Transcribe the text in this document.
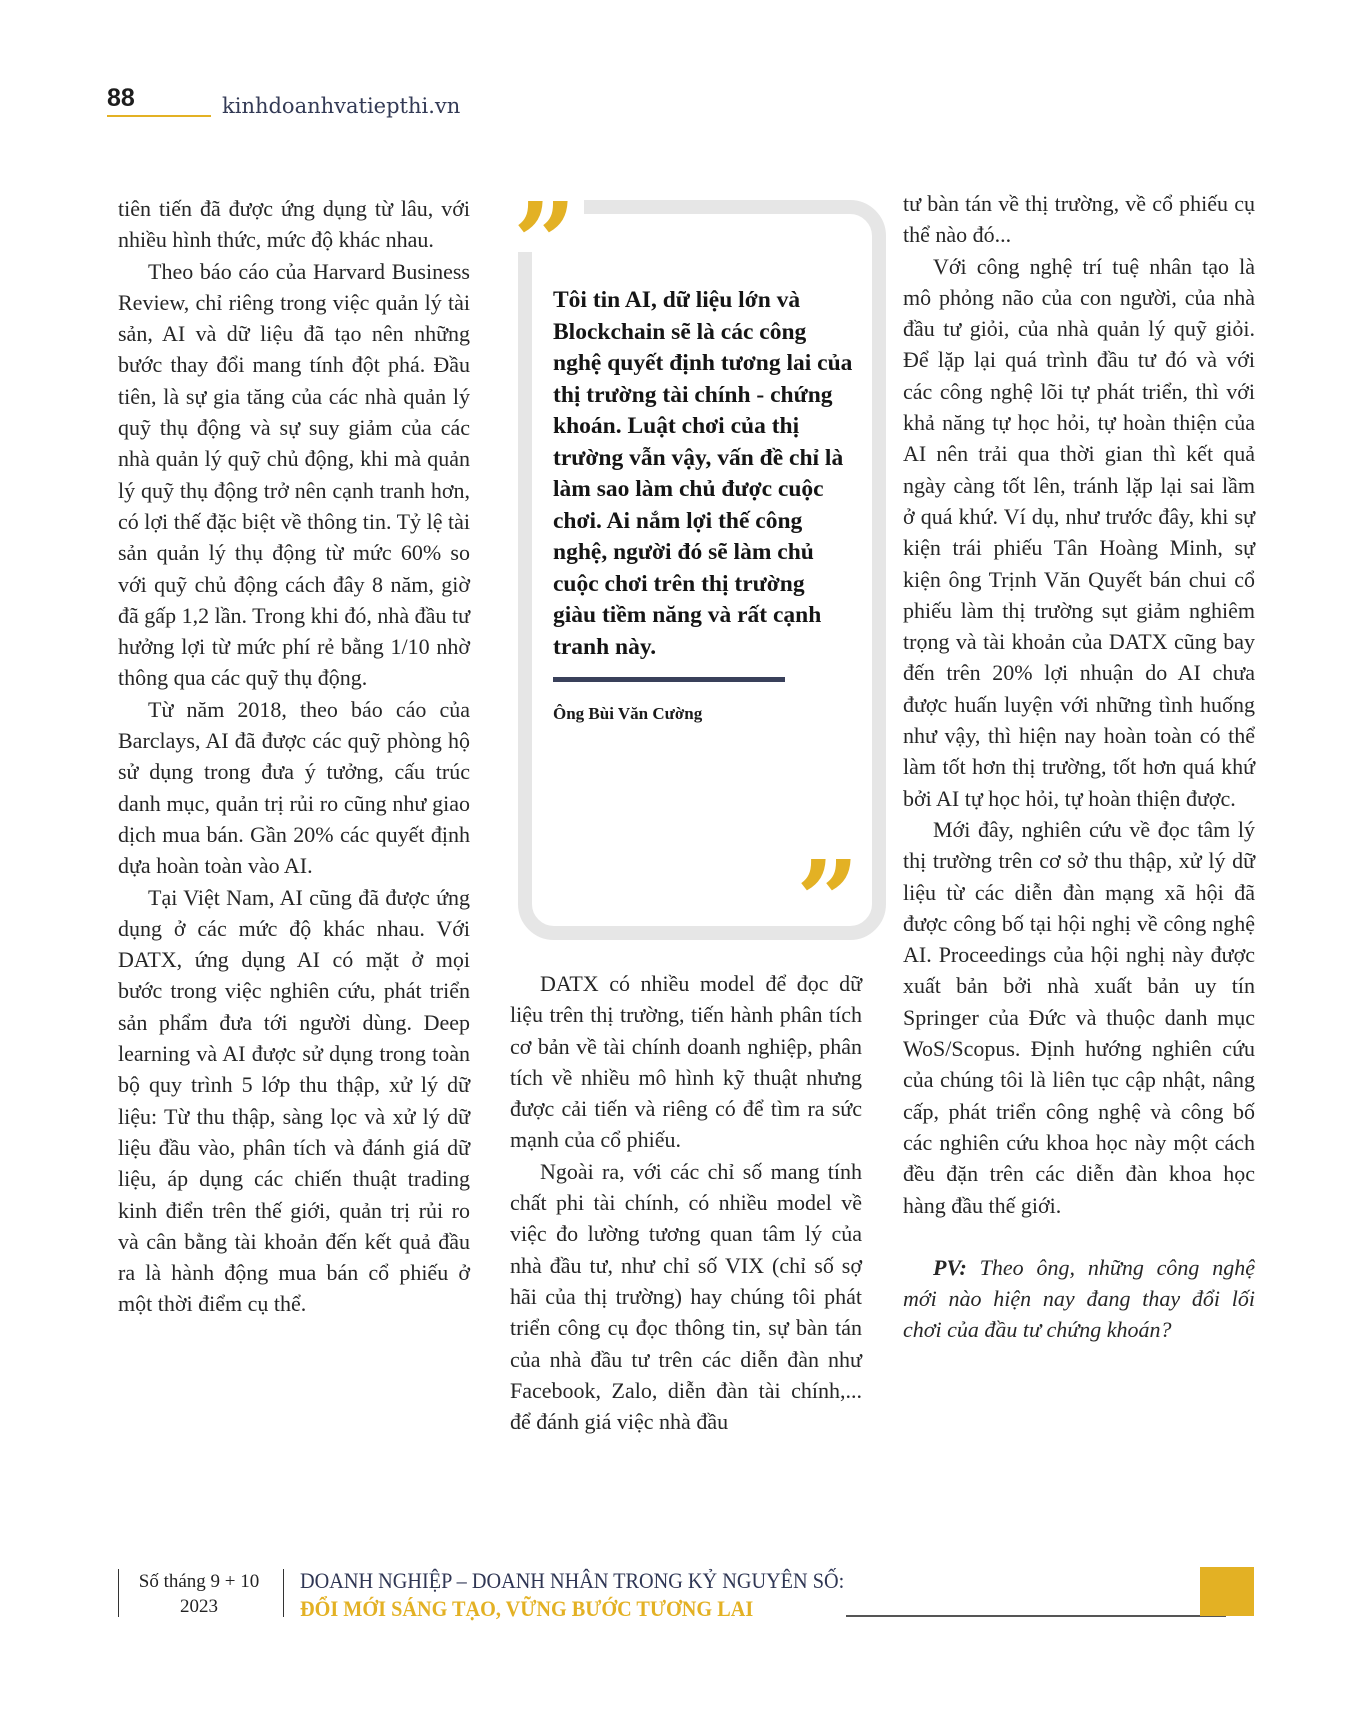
88	kinhdoanhvatiepthi.vn

tiên tiến đã được ứng dụng từ lâu, với nhiều hình thức, mức độ khác nhau.

Theo báo cáo của Harvard Business Review, chỉ riêng trong việc quản lý tài sản, AI và dữ liệu đã tạo nên những bước thay đổi mang tính đột phá. Đầu tiên, là sự gia tăng của các nhà quản lý quỹ thụ động và sự suy giảm của các nhà quản lý quỹ chủ động, khi mà quản lý quỹ thụ động trở nên cạnh tranh hơn, có lợi thế đặc biệt về thông tin. Tỷ lệ tài sản quản lý thụ động từ mức 60% so với quỹ chủ động cách đây 8 năm, giờ đã gấp 1,2 lần. Trong khi đó, nhà đầu tư hưởng lợi từ mức phí rẻ bằng 1/10 nhờ thông qua các quỹ thụ động.

Từ năm 2018, theo báo cáo của Barclays, AI đã được các quỹ phòng hộ sử dụng trong đưa ý tưởng, cấu trúc danh mục, quản trị rủi ro cũng như giao dịch mua bán. Gần 20% các quyết định dựa hoàn toàn vào AI.

Tại Việt Nam, AI cũng đã được ứng dụng ở các mức độ khác nhau. Với DATX, ứng dụng AI có mặt ở mọi bước trong việc nghiên cứu, phát triển sản phẩm đưa tới người dùng. Deep learning và AI được sử dụng trong toàn bộ quy trình 5 lớp thu thập, xử lý dữ liệu: Từ thu thập, sàng lọc và xử lý dữ liệu đầu vào, phân tích và đánh giá dữ liệu, áp dụng các chiến thuật trading kinh điển trên thế giới, quản trị rủi ro và cân bằng tài khoản đến kết quả đầu ra là hành động mua bán cổ phiếu ở một thời điểm cụ thể.

”
”
Tôi tin AI, dữ liệu lớn và Blockchain sẽ là các công nghệ quyết định tương lai của thị trường tài chính - chứng khoán. Luật chơi của thị trường vẫn vậy, vấn đề chỉ là làm sao làm chủ được cuộc chơi. Ai nắm lợi thế công nghệ, người đó sẽ làm chủ cuộc chơi trên thị trường giàu tiềm năng và rất cạnh tranh này.
Ông Bùi Văn Cường

DATX có nhiều model để đọc dữ liệu trên thị trường, tiến hành phân tích cơ bản về tài chính doanh nghiệp, phân tích về nhiều mô hình kỹ thuật nhưng được cải tiến và riêng có để tìm ra sức mạnh của cổ phiếu.

Ngoài ra, với các chỉ số mang tính chất phi tài chính, có nhiều model về việc đo lường tương quan tâm lý của nhà đầu tư, như chỉ số VIX (chỉ số sợ hãi của thị trường) hay chúng tôi phát triển công cụ đọc thông tin, sự bàn tán của nhà đầu tư trên các diễn đàn như Facebook, Zalo, diễn đàn tài chính,... để đánh giá việc nhà đầu

tư bàn tán về thị trường, về cổ phiếu cụ thể nào đó...

Với công nghệ trí tuệ nhân tạo là mô phỏng não của con người, của nhà đầu tư giỏi, của nhà quản lý quỹ giỏi. Để lặp lại quá trình đầu tư đó và với các công nghệ lõi tự phát triển, thì với khả năng tự học hỏi, tự hoàn thiện của AI nên trải qua thời gian thì kết quả ngày càng tốt lên, tránh lặp lại sai lầm ở quá khứ. Ví dụ, như trước đây, khi sự kiện trái phiếu Tân Hoàng Minh, sự kiện ông Trịnh Văn Quyết bán chui cổ phiếu làm thị trường sụt giảm nghiêm trọng và tài khoản của DATX cũng bay đến trên 20% lợi nhuận do AI chưa được huấn luyện với những tình huống như vậy, thì hiện nay hoàn toàn có thể làm tốt hơn thị trường, tốt hơn quá khứ bởi AI tự học hỏi, tự hoàn thiện được.

Mới đây, nghiên cứu về đọc tâm lý thị trường trên cơ sở thu thập, xử lý dữ liệu từ các diễn đàn mạng xã hội đã được công bố tại hội nghị về công nghệ AI. Proceedings của hội nghị này được xuất bản bởi nhà xuất bản uy tín Springer của Đức và thuộc danh mục WoS/Scopus. Định hướng nghiên cứu của chúng tôi là liên tục cập nhật, nâng cấp, phát triển công nghệ và công bố các nghiên cứu khoa học này một cách đều đặn trên các diễn đàn khoa học hàng đầu thế giới.

PV: Theo ông, những công nghệ mới nào hiện nay đang thay đổi lối chơi của đầu tư chứng khoán?

Số tháng 9 + 10
2023
DOANH NGHIỆP – DOANH NHÂN TRONG KỶ NGUYÊN SỐ:
ĐỔI MỚI SÁNG TẠO, VỮNG BƯỚC TƯƠNG LAI
